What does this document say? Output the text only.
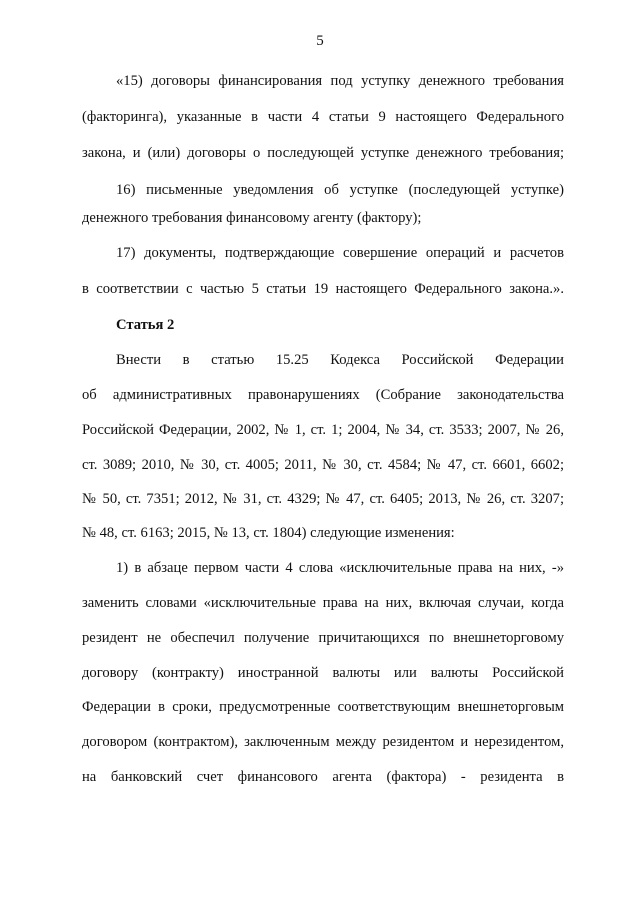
5
«15) договоры финансирования под уступку денежного требования
(факторинга), указанные в части 4 статьи 9 настоящего Федерального
закона, и (или) договоры о последующей уступке денежного требования;
16) письменные уведомления об уступке (последующей уступке)
денежного требования финансовому агенту (фактору);
17) документы, подтверждающие совершение операций и расчетов
в соответствии с частью 5 статьи 19 настоящего Федерального закона.».
Статья 2
Внести в статью 15.25 Кодекса Российской Федерации
об административных правонарушениях (Собрание законодательства
Российской Федерации, 2002, № 1, ст. 1; 2004, № 34, ст. 3533; 2007, № 26,
ст. 3089; 2010, № 30, ст. 4005; 2011, № 30, ст. 4584; № 47, ст. 6601, 6602;
№ 50, ст. 7351; 2012, № 31, ст. 4329; № 47, ст. 6405; 2013, № 26, ст. 3207;
№ 48, ст. 6163; 2015, № 13, ст. 1804) следующие изменения:
1) в абзаце первом части 4 слова «исключительные права на них, -»
заменить словами «исключительные права на них, включая случаи, когда
резидент не обеспечил получение причитающихся по внешнеторговому
договору (контракту) иностранной валюты или валюты Российской
Федерации в сроки, предусмотренные соответствующим внешнеторговым
договором (контрактом), заключенным между резидентом и нерезидентом,
на банковский счет финансового агента (фактора) - резидента в
